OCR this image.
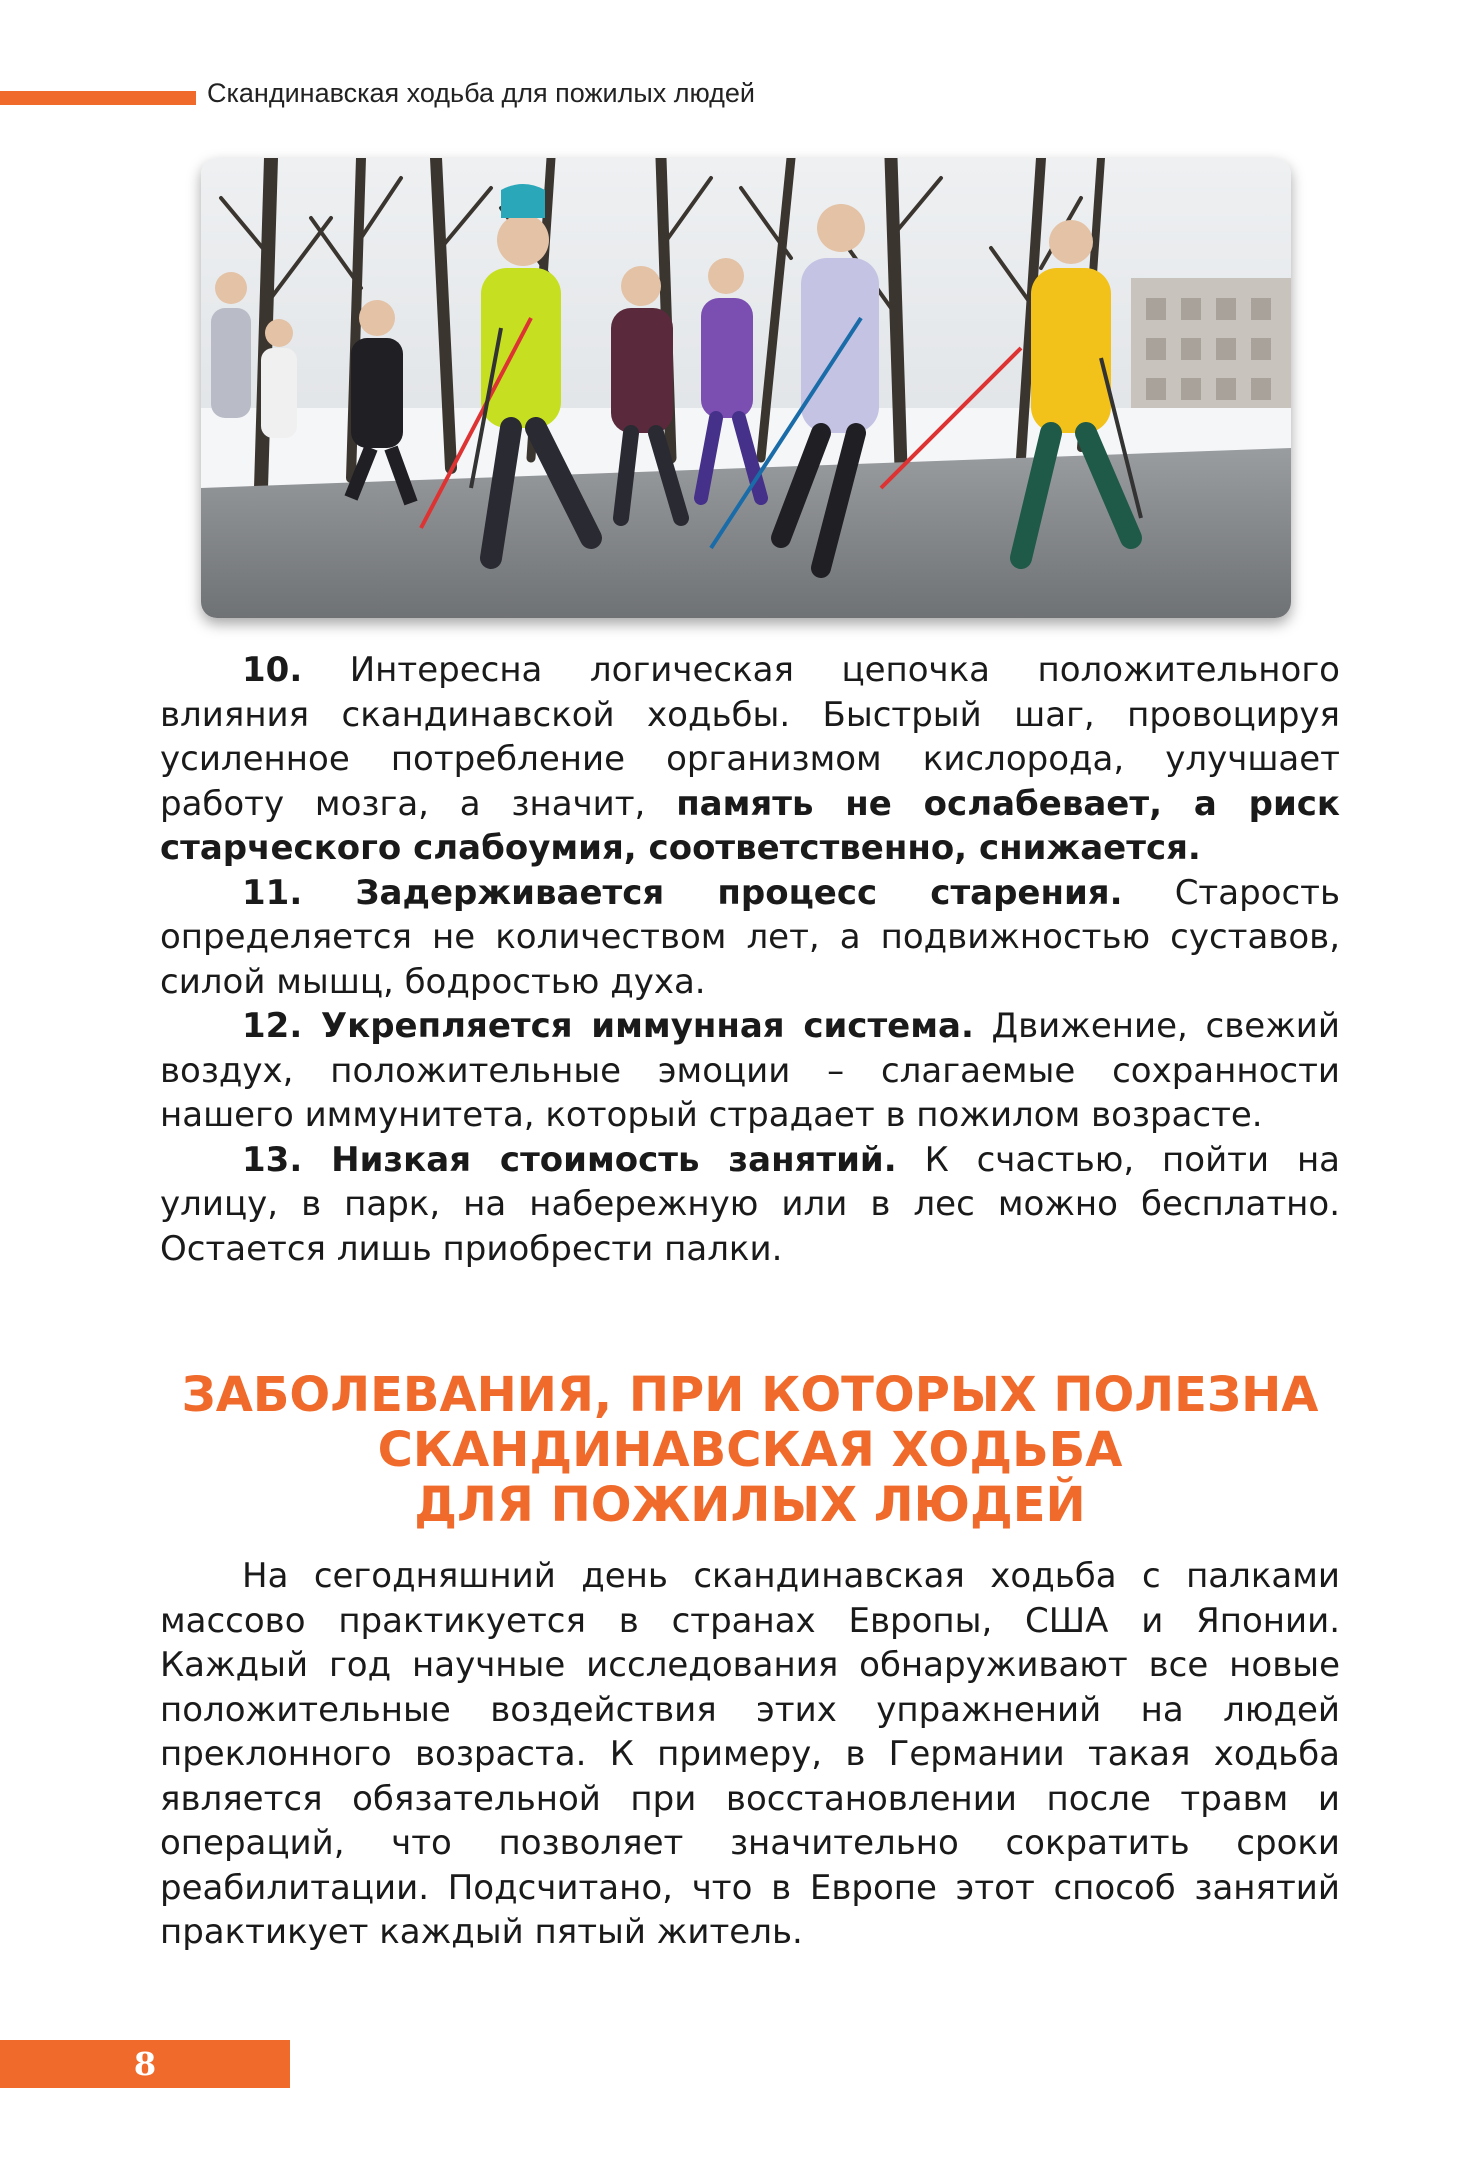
Скандинавская ходьба для пожилых людей

10. Интересна логическая цепочка положительного влияния скандинавской ходьбы. Быстрый шаг, провоцируя усиленное потребление организмом кислорода, улучшает работу мозга, а значит, память не ослабевает, а риск старческого слабоумия, соответственно, снижается.

11. Задерживается процесс старения. Старость определяется не количеством лет, а подвижностью суставов, силой мышц, бодростью духа.

12. Укрепляется иммунная система. Движение, свежий воздух, положительные эмоции – слагаемые сохранности нашего иммунитета, который страдает в пожилом возрасте.

13. Низкая стоимость занятий. К счастью, пойти на улицу, в парк, на набережную или в лес можно бесплатно. Остается лишь приобрести палки.

ЗАБОЛЕВАНИЯ, ПРИ КОТОРЫХ ПОЛЕЗНА
СКАНДИНАВСКАЯ ХОДЬБА
ДЛЯ ПОЖИЛЫХ ЛЮДЕЙ

На сегодняшний день скандинавская ходьба с палками массово практикуется в странах Европы, США и Японии. Каждый год научные исследования обнаруживают все новые положительные воздействия этих упражнений на людей преклонного возраста. К примеру, в Германии такая ходьба является обязательной при восстановлении после травм и операций, что позволяет значительно сократить сроки реабилитации. Подсчитано, что в Европе этот способ занятий практикует каждый пятый житель.

8
